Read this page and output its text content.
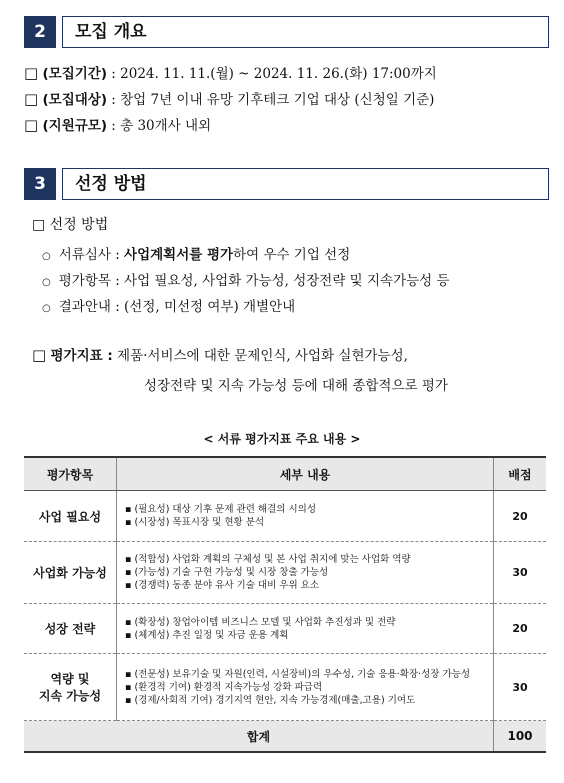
2	모집 개요
□ (모집기간) : 2024. 11. 11.(월) ~ 2024. 11. 26.(화) 17:00까지
□ (모집대상) : 창업 7년 이내 유망 기후테크 기업 대상 (신청일 기준)
□ (지원규모) : 총 30개사 내외
3	선정 방법
□ 선정 방법
○ 서류심사 : 사업계획서를 평가하여 우수 기업 선정
○ 평가항목 : 사업 필요성, 사업화 가능성, 성장전략 및 지속가능성 등
○ 결과안내 : (선정, 미선정 여부) 개별안내
□ 평가지표 : 제품·서비스에 대한 문제인식, 사업화 실현가능성,
성장전략 및 지속 가능성 등에 대해 종합적으로 평가
< 서류 평가지표 주요 내용 >
평가항목	세부 내용	배점
사업 필요성	▪ (필요성) 대상 기후 문제 관련 해결의 시의성
▪ (시장성) 목표시장 및 현황 분석	20
사업화 가능성	▪ (적합성) 사업화 계획의 구체성 및 본 사업 취지에 맞는 사업화 역량
▪ (가능성) 기술 구현 가능성 및 시장 창출 가능성
▪ (경쟁력) 동종 분야 유사 기술 대비 우위 요소	30
성장 전략	▪ (확장성) 창업아이템 비즈니스 모델 및 사업화 추진성과 및 전략
▪ (체계성) 추진 일정 및 자금 운용 계획	20

역량 및
지속 가능성	▪ (전문성) 보유기술 및 자원(인력, 시설장비)의 우수성, 기술 응용·확장·성장 가능성
▪ (환경적 기여) 환경적 지속가능성 강화 파급력
▪ (경제/사회적 기여) 경기지역 현안, 지속 가능경제(매출,고용) 기여도	30
합계		100
